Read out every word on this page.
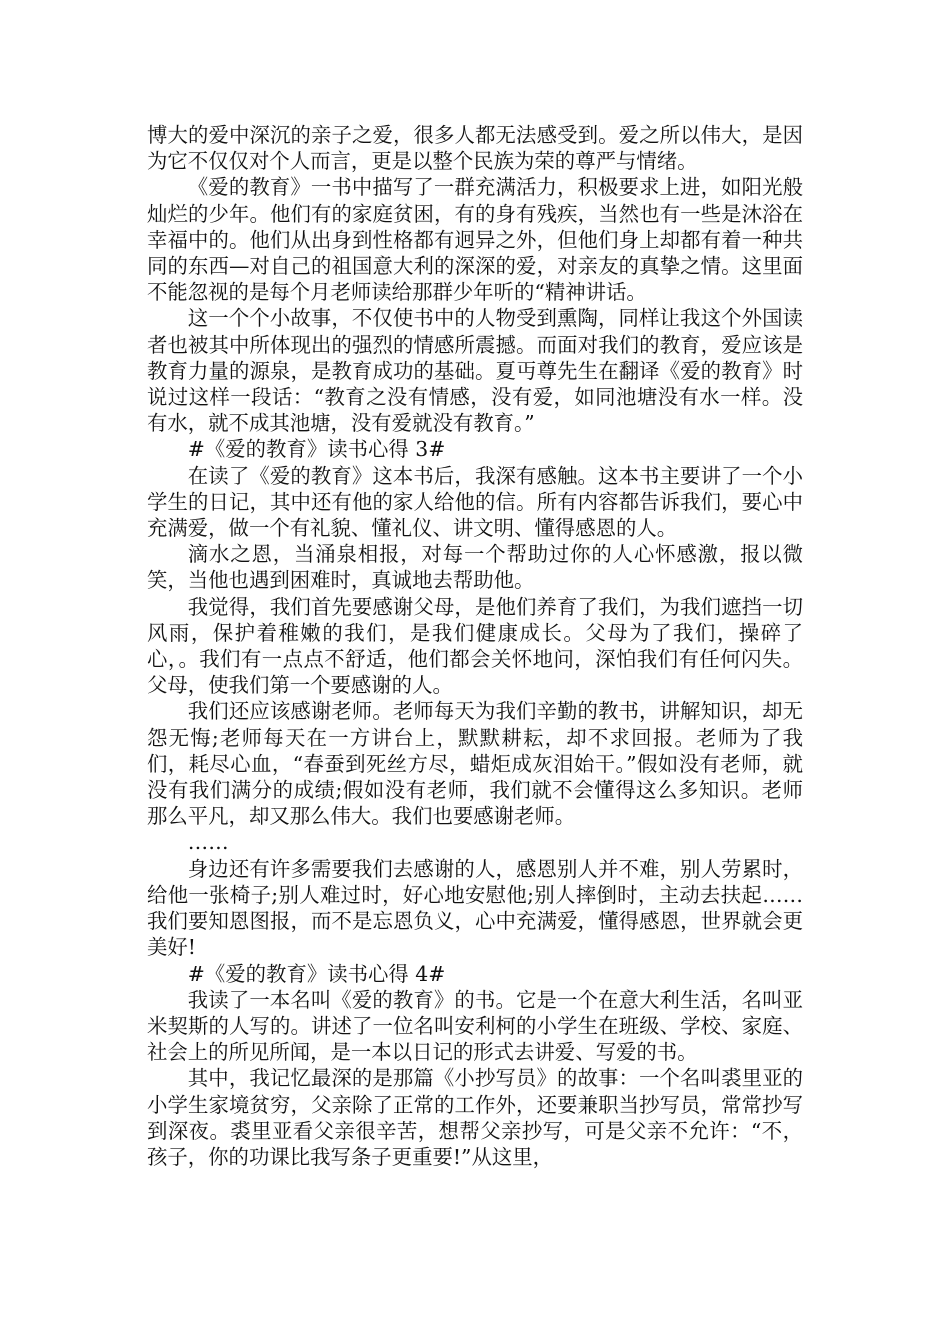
博大的爱中深沉的亲子之爱，很多人都无法感受到。爱之所以伟大，是因为它不仅仅对个人而言，更是以整个民族为荣的尊严与情绪。

《爱的教育》一书中描写了一群充满活力，积极要求上进，如阳光般灿烂的少年。他们有的家庭贫困，有的身有残疾，当然也有一些是沐浴在幸福中的。他们从出身到性格都有迥异之外，但他们身上却都有着一种共同的东西—对自己的祖国意大利的深深的爱，对亲友的真挚之情。这里面不能忽视的是每个月老师读给那群少年听的“精神讲话。

这一个个小故事，不仅使书中的人物受到熏陶，同样让我这个外国读者也被其中所体现出的强烈的情感所震撼。而面对我们的教育，爱应该是教育力量的源泉，是教育成功的基础。夏丏尊先生在翻译《爱的教育》时说过这样一段话：“教育之没有情感，没有爱，如同池塘没有水一样。没有水，就不成其池塘，没有爱就没有教育。”

#《爱的教育》读书心得 3#

在读了《爱的教育》这本书后，我深有感触。这本书主要讲了一个小学生的日记，其中还有他的家人给他的信。所有内容都告诉我们，要心中充满爱，做一个有礼貌、懂礼仪、讲文明、懂得感恩的人。

滴水之恩，当涌泉相报，对每一个帮助过你的人心怀感激，报以微笑，当他也遇到困难时，真诚地去帮助他。

我觉得，我们首先要感谢父母，是他们养育了我们，为我们遮挡一切风雨，保护着稚嫩的我们，是我们健康成长。父母为了我们，操碎了心，。我们有一点点不舒适，他们都会关怀地问，深怕我们有任何闪失。父母，使我们第一个要感谢的人。

我们还应该感谢老师。老师每天为我们辛勤的教书，讲解知识，却无怨无悔;老师每天在一方讲台上，默默耕耘，却不求回报。老师为了我们，耗尽心血，“春蚕到死丝方尽，蜡炬成灰泪始干。”假如没有老师，就没有我们满分的成绩;假如没有老师，我们就不会懂得这么多知识。老师那么平凡，却又那么伟大。我们也要感谢老师。

……

身边还有许多需要我们去感谢的人，感恩别人并不难，别人劳累时，给他一张椅子;别人难过时，好心地安慰他;别人摔倒时，主动去扶起……我们要知恩图报，而不是忘恩负义，心中充满爱，懂得感恩，世界就会更美好!

#《爱的教育》读书心得 4#

我读了一本名叫《爱的教育》的书。它是一个在意大利生活，名叫亚米契斯的人写的。讲述了一位名叫安利柯的小学生在班级、学校、家庭、社会上的所见所闻，是一本以日记的形式去讲爱、写爱的书。

其中，我记忆最深的是那篇《小抄写员》的故事：一个名叫裘里亚的小学生家境贫穷，父亲除了正常的工作外，还要兼职当抄写员，常常抄写到深夜。裘里亚看父亲很辛苦，想帮父亲抄写，可是父亲不允许：“不，孩子，你的功课比我写条子更重要!”从这里，
